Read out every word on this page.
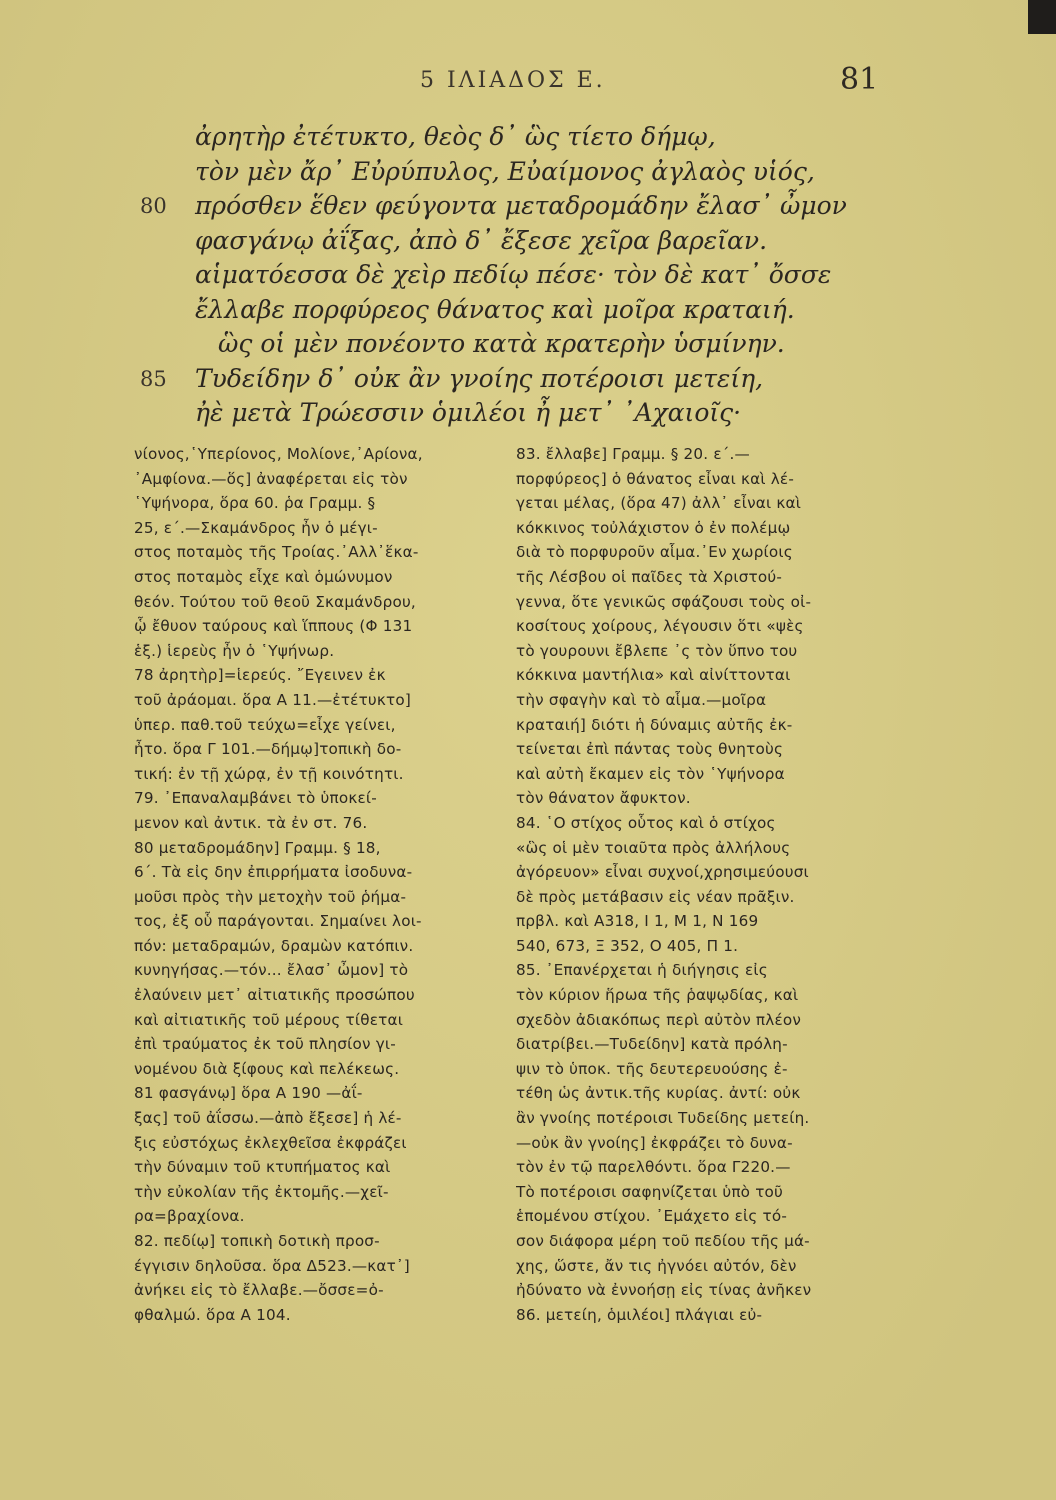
5 ΙΛΙΑΔΟΣ Ε.	81
ἀρητὴρ ἐτέτυκτο, θεὸς δ᾽ ὣς τίετο δήμῳ,
τὸν μὲν ἄρ᾽ Εὐρύπυλος, Εὐαίμονος ἀγλαὸς υἱός,
80 πρόσθεν ἕθεν φεύγοντα μεταδρομάδην ἔλασ᾽ ὦμον
φασγάνῳ ἀΐξας, ἀπὸ δ᾽ ἔξεσε χεῖρα βαρεῖαν.
αἱματόεσσα δὲ χεὶρ πεδίῳ πέσε· τὸν δὲ κατ᾽ ὄσσε
ἔλλαβε πορφύρεος θάνατος καὶ μοῖρα κραταιή.
ὣς οἱ μὲν πονέοντο κατὰ κρατερὴν ὑσμίνην.
85 Τυδείδην δ᾽ οὐκ ἂν γνοίης ποτέροισι μετείη,
ἠὲ μετὰ Τρώεσσιν ὁμιλέοι ἦ μετ᾽ ᾿Αχαιοῖς·
νίονος,῾Υπερίονος, Μολίονε,᾽Αρίονα,
᾽Αμφίονα.—ὅς] ἀναφέρεται εἰς τὸν
῾Υψήνορα, ὅρα 60. ῥα Γραμμ. §
25, ε΄.—Σκαμάνδρος ἦν ὁ μέγι-
στος ποταμὸς τῆς Τροίας.᾽Αλλ᾽ἕκα-
στος ποταμὸς εἶχε καὶ ὁμώνυμον
θεόν. Τούτου τοῦ θεοῦ Σκαμάνδρου,
ᾧ ἔθυον ταύρους καὶ ἵππους (Φ 131
ἑξ.) ἱερεὺς ἦν ὁ ῾Υψήνωρ.
78 ἀρητὴρ]=ἱερεύς. ῎Εγεινεν ἐκ
τοῦ ἀράομαι. ὅρα Α 11.—ἐτέτυκτο]
ὑπερ. παθ.τοῦ τεύχω=εἶχε γείνει,
ἦτο. ὅρα Γ 101.—δήμῳ]τοπικὴ δο-
τική: ἐν τῇ χώρᾳ, ἐν τῇ κοινότητι.
79. ᾽Επαναλαμβάνει τὸ ὑποκεί-
μενον καὶ ἀντικ. τὰ ἐν στ. 76.
80 μεταδρομάδην] Γραμμ. § 18,
6΄. Τὰ εἰς δην ἐπιρρήματα ἰσοδυνα-
μοῦσι πρὸς τὴν μετοχὴν τοῦ ῥήμα-
τος, ἐξ οὗ παράγονται. Σημαίνει λοι-
πόν: μεταδραμών, δραμὼν κατόπιν.
κυνηγήσας.—τόν... ἔλασ᾽ ὦμον] τὸ
ἐλαύνειν μετ᾽ αἰτιατικῆς προσώπου
καὶ αἰτιατικῆς τοῦ μέρους τίθεται
ἐπὶ τραύματος ἐκ τοῦ πλησίον γι-
νομένου διὰ ξίφους καὶ πελέκεως.
81 φασγάνῳ] ὅρα Α 190 —ἀΐ-
ξας] τοῦ ἀΐσσω.—ἀπὸ ἔξεσε] ἡ λέ-
ξις εὐστόχως ἐκλεχθεῖσα ἐκφράζει
τὴν δύναμιν τοῦ κτυπήματος καὶ
τὴν εὐκολίαν τῆς ἐκτομῆς.—χεῖ-
ρα=βραχίονα.
82. πεδίῳ] τοπικὴ δοτικὴ προσ-
έγγισιν δηλοῦσα. ὅρα Δ523.—κατ᾽]
ἀνήκει εἰς τὸ ἔλλαβε.—ὄσσε=ὀ-
φθαλμώ. ὅρα Α 104.
83. ἔλλαβε] Γραμμ. § 20. ε΄.—
πορφύρεος] ὁ θάνατος εἶναι καὶ λέ-
γεται μέλας, (ὅρα 47) ἀλλ᾽ εἶναι καὶ
κόκκινος τοὐλάχιστον ὁ ἐν πολέμῳ
διὰ τὸ πορφυροῦν αἷμα.᾽Εν χωρίοις
τῆς Λέσβου οἱ παῖδες τὰ Χριστού-
γεννα, ὅτε γενικῶς σφάζουσι τοὺς οἰ-
κοσίτους χοίρους, λέγουσιν ὅτι «ψὲς
τὸ γουρουνι ἔβλεπε ᾽ς τὸν ὕπνο του
κόκκινα μαντήλια» καὶ αἰνίττονται
τὴν σφαγὴν καὶ τὸ αἷμα.—μοῖρα
κραταιή] διότι ἡ δύναμις αὐτῆς ἐκ-
τείνεται ἐπὶ πάντας τοὺς θνητοὺς
καὶ αὐτὴ ἔκαμεν εἰς τὸν ῾Υψήνορα
τὸν θάνατον ἄφυκτον.
84. ῾Ο στίχος οὗτος καὶ ὁ στίχος
«ὣς οἱ μὲν τοιαῦτα πρὸς ἀλλήλους
ἀγόρευον» εἶναι συχνοί,χρησιμεύουσι
δὲ πρὸς μετάβασιν εἰς νέαν πρᾶξιν.
πρβλ. καὶ Α318, Ι 1, Μ 1, Ν 169
540, 673, Ξ 352, Ο 405, Π 1.
85. ᾽Επανέρχεται ἡ διήγησις εἰς
τὸν κύριον ἥρωα τῆς ῥαψῳδίας, καὶ
σχεδὸν ἀδιακόπως περὶ αὐτὸν πλέον
διατρίβει.—Τυδείδην] κατὰ πρόλη-
ψιν τὸ ὑποκ. τῆς δευτερευούσης ἐ-
τέθη ὡς ἀντικ.τῆς κυρίας. ἀντί: οὐκ
ἂν γνοίης ποτέροισι Τυδείδης μετείη.
—οὐκ ἂν γνοίης] ἐκφράζει τὸ δυνα-
τὸν ἐν τῷ παρελθόντι. ὅρα Γ220.—
Τὸ ποτέροισι σαφηνίζεται ὑπὸ τοῦ
ἑπομένου στίχου. ᾽Εμάχετο εἰς τό-
σον διάφορα μέρη τοῦ πεδίου τῆς μά-
χης, ὥστε, ἄν τις ἠγνόει αὐτόν, δὲν
ἠδύνατο νὰ ἐννοήσῃ εἰς τίνας ἀνῆκεν
86. μετείη, ὁμιλέοι] πλάγιαι εὐ-
